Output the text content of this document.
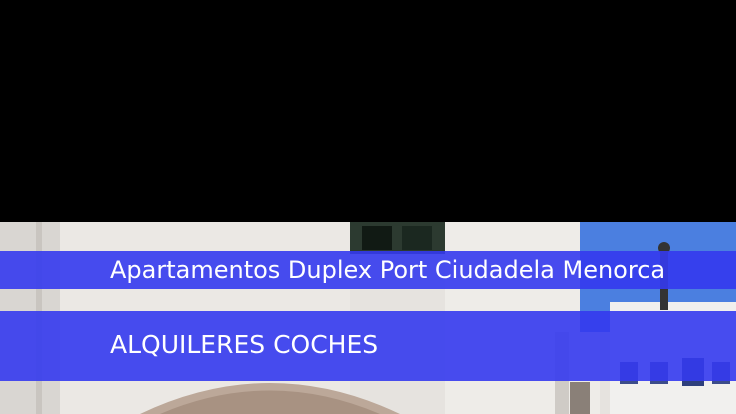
Apartamentos Duplex Port Ciudadela Menorca
ALQUILERES COCHES
